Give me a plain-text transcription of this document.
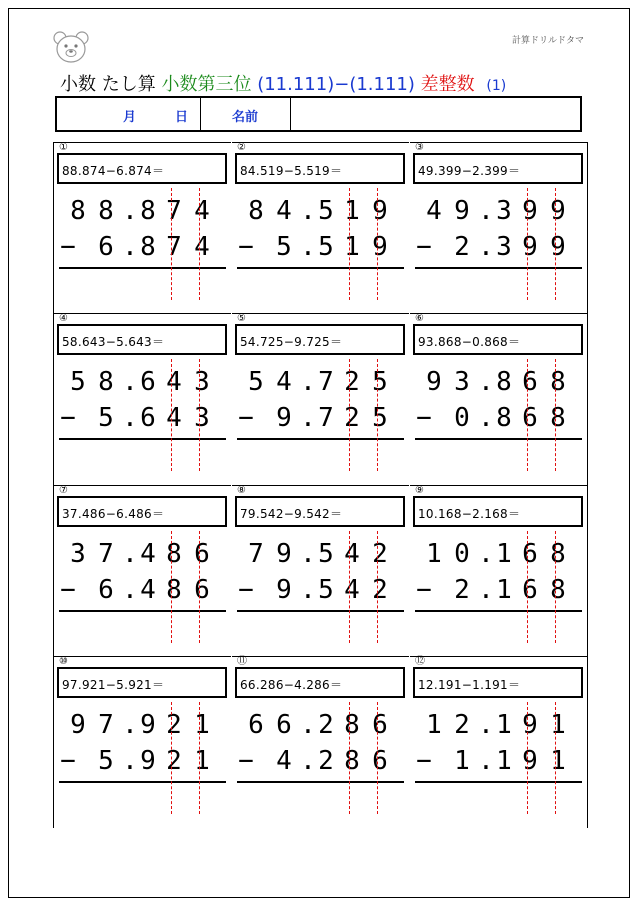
計算ドリルドタマ
小数 たし算 小数第三位 (11.111)−(1.111) 差整数 (1)
月	日	名前
①
88.874−6.874＝
8 8 . 8 7 4
− 6 . 8 7 4
②
84.519−5.519＝
8 4 . 5 1 9
− 5 . 5 1 9
③
49.399−2.399＝
4 9 . 3 9 9
− 2 . 3 9 9
④
58.643−5.643＝
5 8 . 6 4 3
− 5 . 6 4 3
⑤
54.725−9.725＝
5 4 . 7 2 5
− 9 . 7 2 5
⑥
93.868−0.868＝
9 3 . 8 6 8
− 0 . 8 6 8
⑦
37.486−6.486＝
3 7 . 4 8 6
− 6 . 4 8 6
⑧
79.542−9.542＝
7 9 . 5 4 2
− 9 . 5 4 2
⑨
10.168−2.168＝
1 0 . 1 6 8
− 2 . 1 6 8
⑩
97.921−5.921＝
9 7 . 9 2 1
− 5 . 9 2 1
⑪
66.286−4.286＝
6 6 . 2 8 6
− 4 . 2 8 6
⑫
12.191−1.191＝
1 2 . 1 9 1
− 1 . 1 9 1
